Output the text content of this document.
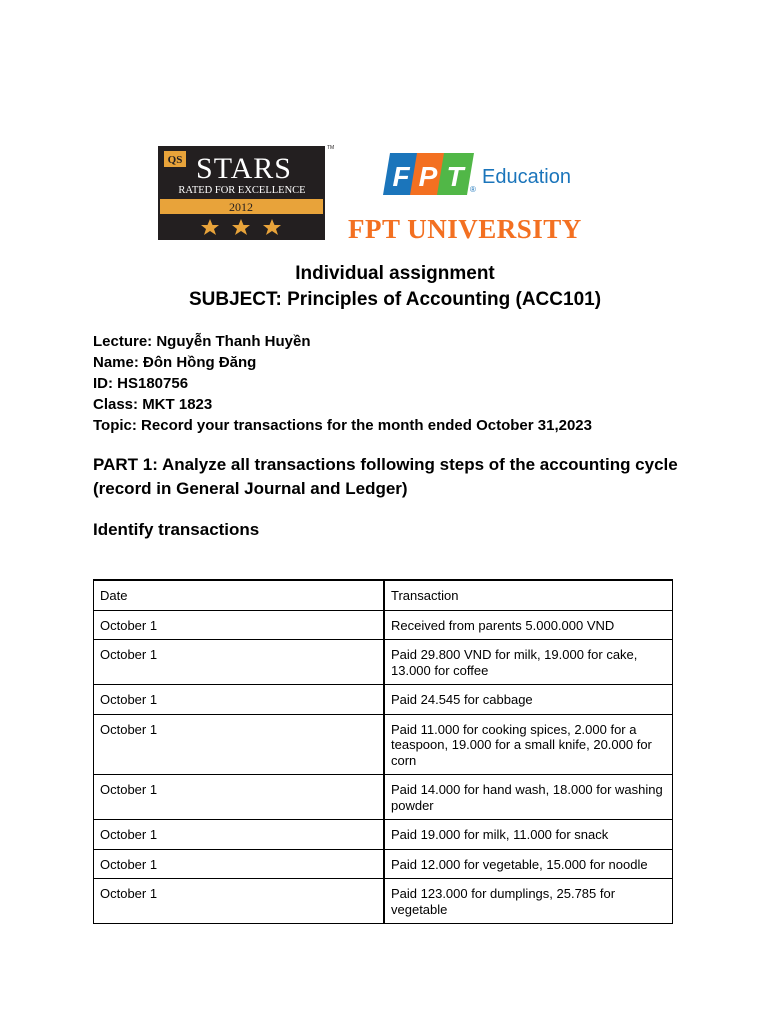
QS STARS
RATED FOR EXCELLENCE
2012
TM
F P T ®
Education
FPT UNIVERSITY
Individual assignment
SUBJECT: Principles of Accounting (ACC101)
Lecture: Nguyễn Thanh Huyền
Name: Đôn Hồng Đăng
ID: HS180756
Class: MKT 1823
Topic: Record your transactions for the month ended October 31,2023
PART 1: Analyze all transactions following steps of the accounting cycle (record in General Journal and Ledger)
Identify transactions
Date	Transaction
October 1	Received from parents 5.000.000 VND
October 1	Paid 29.800 VND for milk, 19.000 for cake, 13.000 for coffee
October 1	Paid 24.545 for cabbage
October 1	Paid 11.000 for cooking spices, 2.000 for a teaspoon, 19.000 for a small knife, 20.000 for corn
October 1	Paid 14.000 for hand wash, 18.000 for washing powder
October 1	Paid 19.000 for milk, 11.000 for snack
October 1	Paid 12.000 for vegetable, 15.000 for noodle
October 1	Paid 123.000 for dumplings, 25.785 for vegetable
